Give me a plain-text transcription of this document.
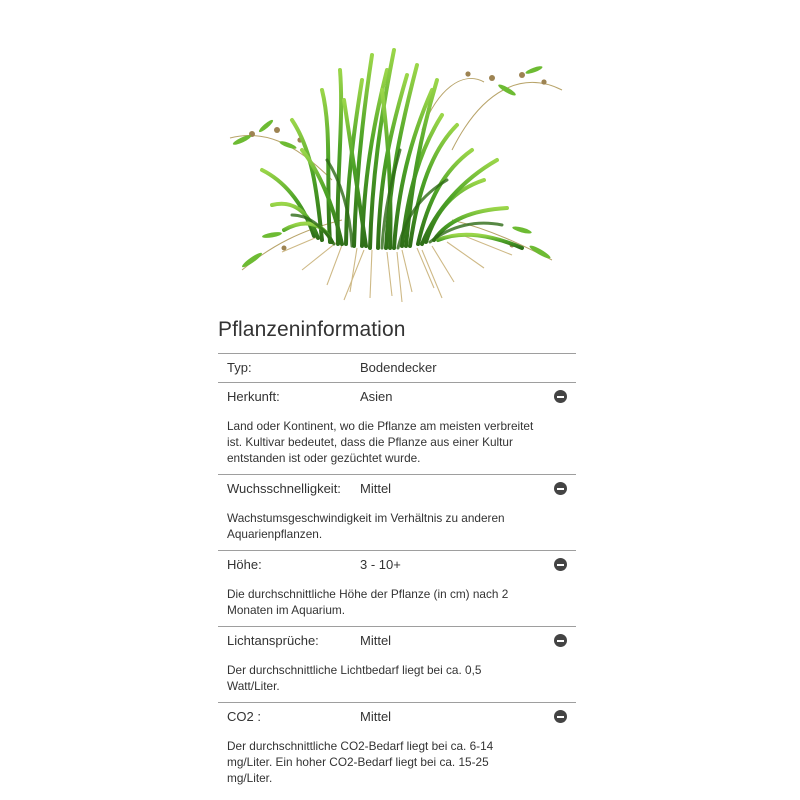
Pflanzeninformation
Typ:	Bodendecker
Herkunft:	Asien
Land oder Kontinent, wo die Pflanze am meisten verbreitet ist. Kultivar bedeutet, dass die Pflanze aus einer Kultur entstanden ist oder gezüchtet wurde.
Wuchsschnelligkeit: Mittel
Wachstumsgeschwindigkeit im Verhältnis zu anderen Aquarienpflanzen.
Höhe:	3 - 10+
Die durchschnittliche Höhe der Pflanze (in cm) nach 2 Monaten im Aquarium.
Lichtansprüche:	Mittel
Der durchschnittliche Lichtbedarf liegt bei ca. 0,5 Watt/Liter.
CO2 :	Mittel
Der durchschnittliche CO2-Bedarf liegt bei ca. 6-14 mg/Liter. Ein hoher CO2-Bedarf liegt bei ca. 15-25 mg/Liter.
